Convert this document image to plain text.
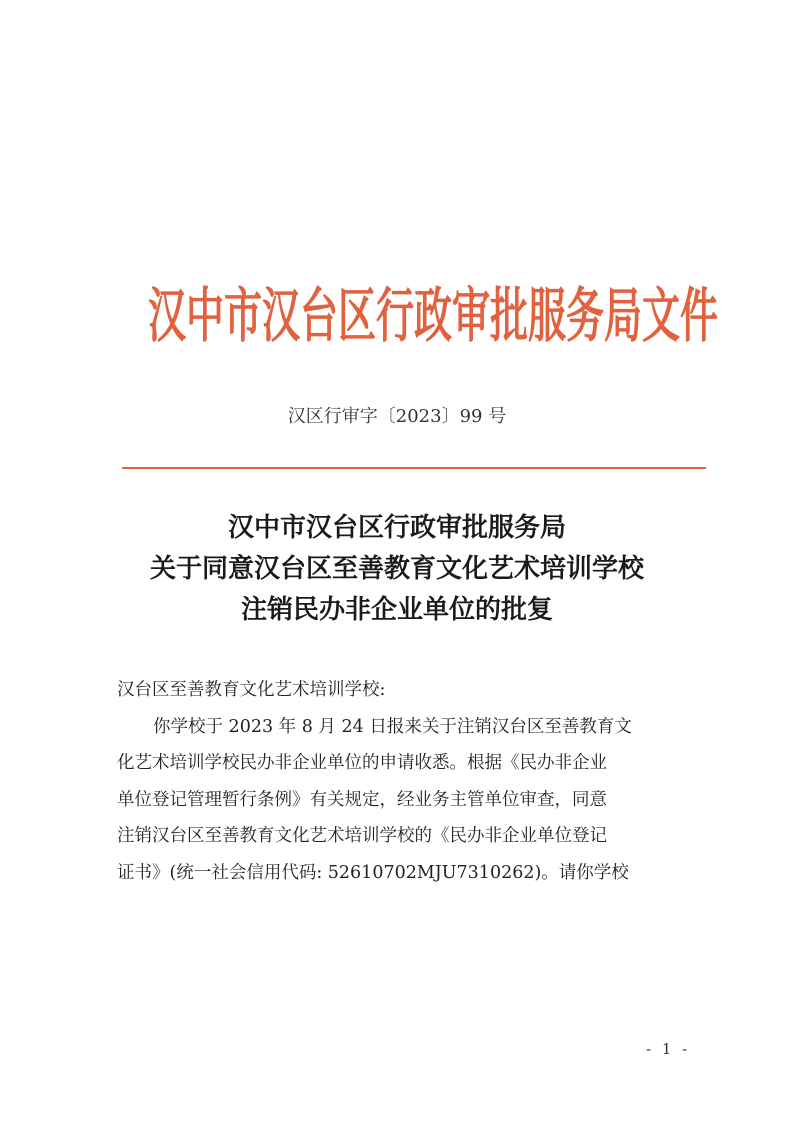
汉中市汉台区行政审批服务局文件
汉区行审字〔2023〕99 号
汉中市汉台区行政审批服务局
关于同意汉台区至善教育文化艺术培训学校
注销民办非企业单位的批复
汉台区至善教育文化艺术培训学校:
你学校于 2023 年 8 月 24 日报来关于注销汉台区至善教育文
化艺术培训学校民办非企业单位的申请收悉。根据《民办非企业
单位登记管理暂行条例》有关规定，经业务主管单位审查，同意
注销汉台区至善教育文化艺术培训学校的《民办非企业单位登记
证书》(统一社会信用代码: 52610702MJU7310262)。请你学校
- 1 -
